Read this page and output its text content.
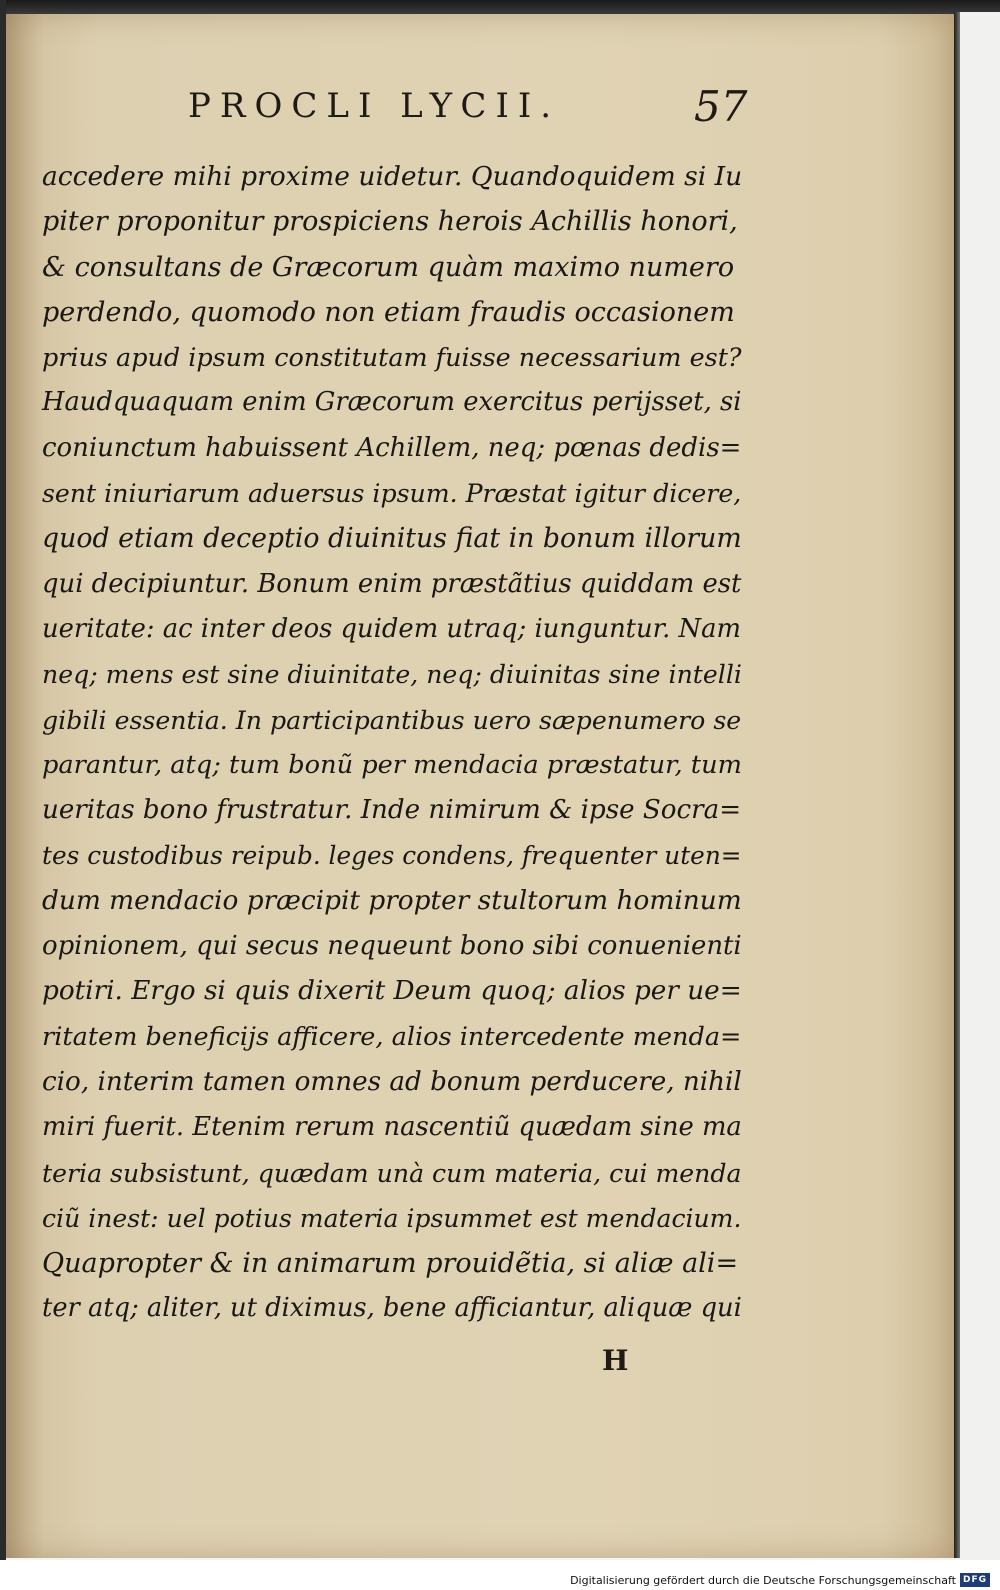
PROCLI LYCII.	57
accedere mihi proxime uidetur. Quandoquidem si Iu
piter proponitur prospiciens herois Achillis honori,
& consultans de Græcorum quàm maximo numero
perdendo, quomodo non etiam fraudis occasionem
prius apud ipsum constitutam fuisse necessarium est?
Haudquaquam enim Græcorum exercitus perijsset, si
coniunctum habuissent Achillem, neq; pœnas dedis=
sent iniuriarum aduersus ipsum. Præstat igitur dicere,
quod etiam deceptio diuinitus fiat in bonum illorum
qui decipiuntur. Bonum enim præstãtius quiddam est
ueritate: ac inter deos quidem utraq; iunguntur. Nam
neq; mens est sine diuinitate, neq; diuinitas sine intelli
gibili essentia. In participantibus uero sæpenumero se
parantur, atq; tum bonũ per mendacia præstatur, tum
ueritas bono frustratur. Inde nimirum & ipse Socra=
tes custodibus reipub. leges condens, frequenter uten=
dum mendacio præcipit propter stultorum hominum
opinionem, qui secus nequeunt bono sibi conuenienti
potiri. Ergo si quis dixerit Deum quoq; alios per ue=
ritatem beneficijs afficere, alios intercedente menda=
cio, interim tamen omnes ad bonum perducere, nihil
miri fuerit. Etenim rerum nascentiũ quædam sine ma
teria subsistunt, quædam unà cum materia, cui menda
ciũ inest: uel potius materia ipsummet est mendacium.
Quapropter & in animarum prouidẽtia, si aliæ ali=
ter atq; aliter, ut diximus, bene afficiantur, aliquæ qui
H
Digitalisierung gefördert durch die Deutsche Forschungsgemeinschaft DFG
